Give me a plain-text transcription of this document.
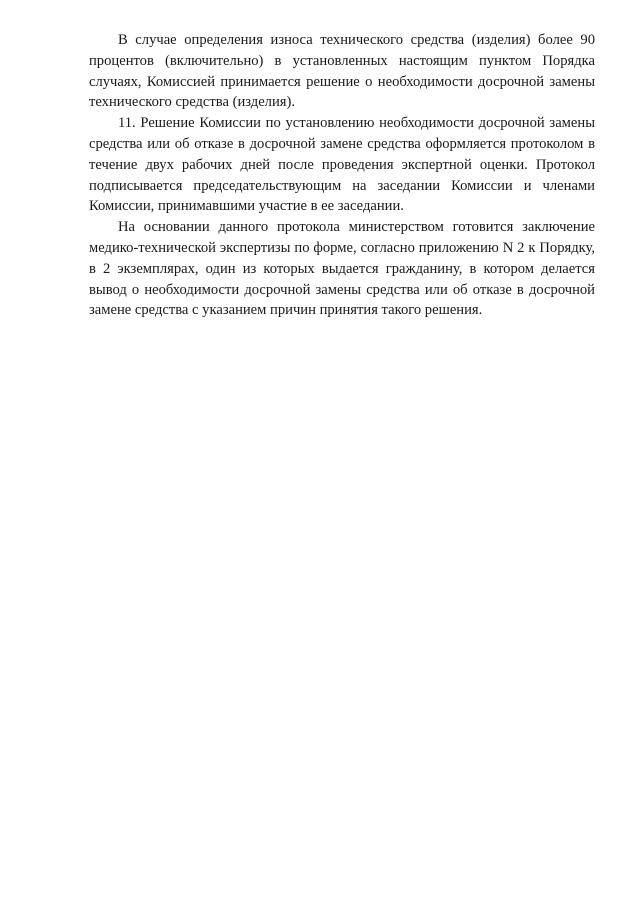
В случае определения износа технического средства (изделия) более 90 процентов (включительно) в установленных настоящим пунктом Порядка случаях, Комиссией принимается решение о необходимости досрочной замены технического средства (изделия).

11. Решение Комиссии по установлению необходимости досрочной замены средства или об отказе в досрочной замене средства оформляется протоколом в течение двух рабочих дней после проведения экспертной оценки. Протокол подписывается председательствующим на заседании Комиссии и членами Комиссии, принимавшими участие в ее заседании.

На основании данного протокола министерством готовится заключение медико-технической экспертизы по форме, согласно приложению N 2 к Порядку, в 2 экземплярах, один из которых выдается гражданину, в котором делается вывод о необходимости досрочной замены средства или об отказе в досрочной замене средства с указанием причин принятия такого решения.
